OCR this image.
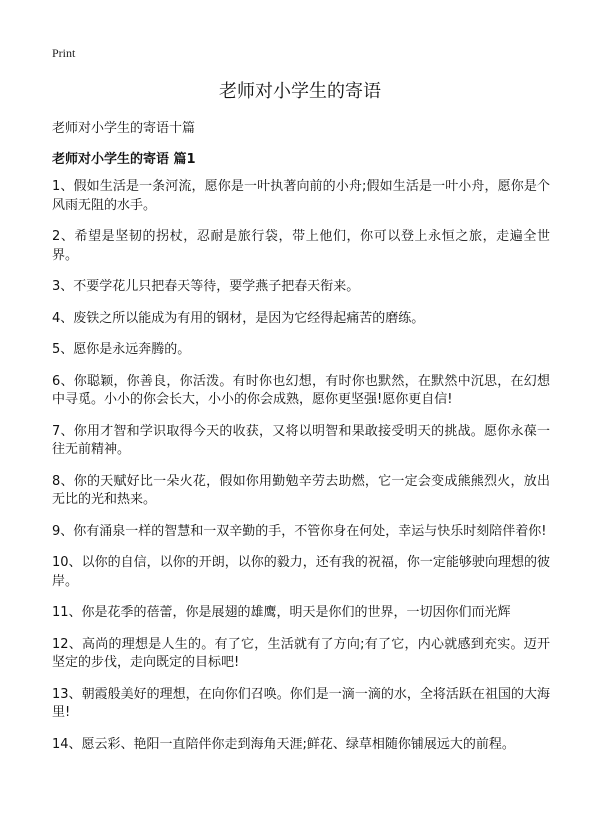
Print
老师对小学生的寄语
老师对小学生的寄语十篇
老师对小学生的寄语 篇1
1、假如生活是一条河流，愿你是一叶执著向前的小舟;假如生活是一叶小舟，愿你是个风雨无阻的水手。
2、希望是坚韧的拐杖，忍耐是旅行袋，带上他们，你可以登上永恒之旅，走遍全世界。
3、不要学花儿只把春天等待，要学燕子把春天衔来。
4、废铁之所以能成为有用的钢材，是因为它经得起痛苦的磨练。
5、愿你是永远奔腾的。
6、你聪颖，你善良，你活泼。有时你也幻想，有时你也默然，在默然中沉思，在幻想中寻觅。小小的你会长大，小小的你会成熟，愿你更坚强!愿你更自信!
7、你用才智和学识取得今天的收获，又将以明智和果敢接受明天的挑战。愿你永葆一往无前精神。
8、你的天赋好比一朵火花，假如你用勤勉辛劳去助燃，它一定会变成熊熊烈火，放出无比的光和热来。
9、你有涌泉一样的智慧和一双辛勤的手，不管你身在何处，幸运与快乐时刻陪伴着你!
10、以你的自信，以你的开朗，以你的毅力，还有我的祝福，你一定能够驶向理想的彼岸。
11、你是花季的蓓蕾，你是展翅的雄鹰，明天是你们的世界，一切因你们而光辉
12、高尚的理想是人生的。有了它，生活就有了方向;有了它，内心就感到充实。迈开坚定的步伐，走向既定的目标吧!
13、朝霞般美好的理想，在向你们召唤。你们是一滴一滴的水，全将活跃在祖国的大海里!
14、愿云彩、艳阳一直陪伴你走到海角天涯;鲜花、绿草相随你铺展远大的前程。
